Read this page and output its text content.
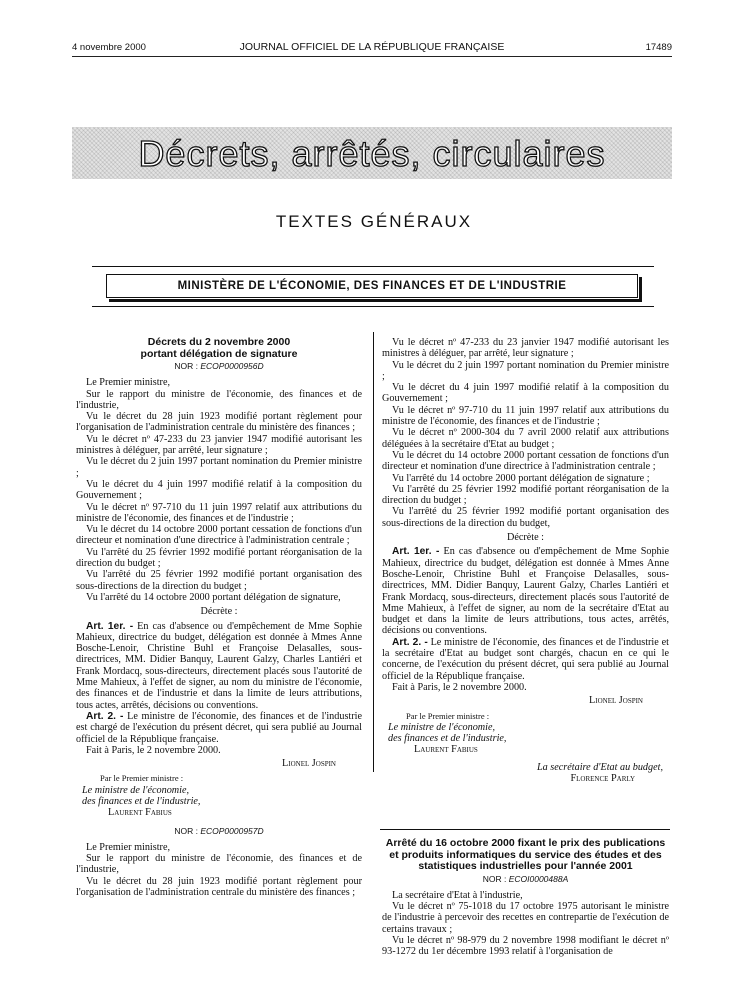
4 novembre 2000	JOURNAL OFFICIEL DE LA RÉPUBLIQUE FRANÇAISE	17489
Décrets, arrêtés, circulaires
TEXTES GÉNÉRAUX
MINISTÈRE DE L'ÉCONOMIE, DES FINANCES ET DE L'INDUSTRIE

Décrets du 2 novembre 2000

portant délégation de signature

NOR : ECOP0000956D

Le Premier ministre,

Sur le rapport du ministre de l'économie, des finances et de l'industrie,

Vu le décret du 28 juin 1923 modifié portant règlement pour l'organisation de l'administration centrale du ministère des finances ;

Vu le décret nº 47-233 du 23 janvier 1947 modifié autorisant les ministres à déléguer, par arrêté, leur signature ;

Vu le décret du 2 juin 1997 portant nomination du Premier ministre ;

Vu le décret du 4 juin 1997 modifié relatif à la composition du Gouvernement ;

Vu le décret nº 97-710 du 11 juin 1997 relatif aux attributions du ministre de l'économie, des finances et de l'industrie ;

Vu le décret du 14 octobre 2000 portant cessation de fonctions d'un directeur et nomination d'une directrice à l'administration centrale ;

Vu l'arrêté du 25 février 1992 modifié portant réorganisation de la direction du budget ;

Vu l'arrêté du 25 février 1992 modifié portant organisation des sous-directions de la direction du budget ;

Vu l'arrêté du 14 octobre 2000 portant délégation de signature,

Décrète :

Art. 1er. - En cas d'absence ou d'empêchement de Mme Sophie Mahieux, directrice du budget, délégation est donnée à Mmes Anne Bosche-Lenoir, Christine Buhl et Françoise Delasalles, sous-directrices, MM. Didier Banquy, Laurent Galzy, Charles Lantiéri et Frank Mordacq, sous-directeurs, directement placés sous l'autorité de Mme Mahieux, à l'effet de signer, au nom du ministre de l'économie, des finances et de l'industrie et dans la limite de leurs attributions, tous actes, arrêtés, décisions ou conventions.

Art. 2. - Le ministre de l'économie, des finances et de l'industrie est chargé de l'exécution du présent décret, qui sera publié au Journal officiel de la République française.

Fait à Paris, le 2 novembre 2000.

Lionel Jospin

Par le Premier ministre :

Le ministre de l'économie,

des finances et de l'industrie,

Laurent Fabius

NOR : ECOP0000957D

Le Premier ministre,

Sur le rapport du ministre de l'économie, des finances et de l'industrie,

Vu le décret du 28 juin 1923 modifié portant règlement pour l'organisation de l'administration centrale du ministère des finances ;

Vu le décret nº 47-233 du 23 janvier 1947 modifié autorisant les ministres à déléguer, par arrêté, leur signature ;

Vu le décret du 2 juin 1997 portant nomination du Premier ministre ;

Vu le décret du 4 juin 1997 modifié relatif à la composition du Gouvernement ;

Vu le décret nº 97-710 du 11 juin 1997 relatif aux attributions du ministre de l'économie, des finances et de l'industrie ;

Vu le décret nº 2000-304 du 7 avril 2000 relatif aux attributions déléguées à la secrétaire d'Etat au budget ;

Vu le décret du 14 octobre 2000 portant cessation de fonctions d'un directeur et nomination d'une directrice à l'administration centrale ;

Vu l'arrêté du 14 octobre 2000 portant délégation de signature ;

Vu l'arrêté du 25 février 1992 modifié portant réorganisation de la direction du budget ;

Vu l'arrêté du 25 février 1992 modifié portant organisation des sous-directions de la direction du budget,

Décrète :

Art. 1er. - En cas d'absence ou d'empêchement de Mme Sophie Mahieux, directrice du budget, délégation est donnée à Mmes Anne Bosche-Lenoir, Christine Buhl et Françoise Delasalles, sous-directrices, MM. Didier Banquy, Laurent Galzy, Charles Lantiéri et Frank Mordacq, sous-directeurs, directement placés sous l'autorité de Mme Mahieux, à l'effet de signer, au nom de la secrétaire d'Etat au budget et dans la limite de leurs attributions, tous actes, arrêtés, décisions ou conventions.

Art. 2. - Le ministre de l'économie, des finances et de l'industrie et la secrétaire d'Etat au budget sont chargés, chacun en ce qui le concerne, de l'exécution du présent décret, qui sera publié au Journal officiel de la République française.

Fait à Paris, le 2 novembre 2000.

Lionel Jospin

Par le Premier ministre :

Le ministre de l'économie,

des finances et de l'industrie,

Laurent Fabius

La secrétaire d'Etat au budget,

Florence Parly

Arrêté du 16 octobre 2000 fixant le prix des publications et produits informatiques du service des études et des statistiques industrielles pour l'année 2001

NOR : ECOI0000488A

La secrétaire d'Etat à l'industrie,

Vu le décret nº 75-1018 du 17 octobre 1975 autorisant le ministre de l'industrie à percevoir des recettes en contrepartie de l'exécution de certains travaux ;

Vu le décret nº 98-979 du 2 novembre 1998 modifiant le décret nº 93-1272 du 1er décembre 1993 relatif à l'organisation de
